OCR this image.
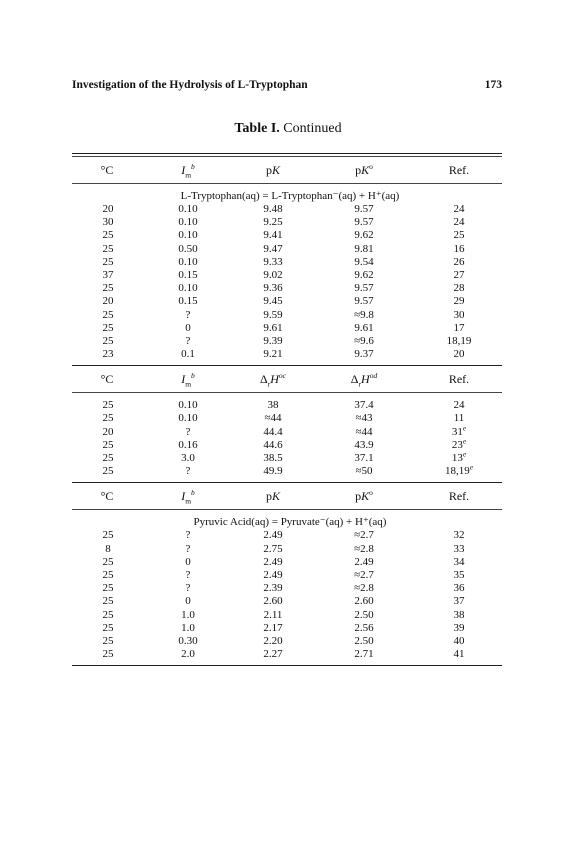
Investigation of the Hydrolysis of L-Tryptophan	173
Table I. Continued
°C	$I_m^b$	pK	$pK^o$	Ref.
L-Tryptophan(aq) = L-Tryptophan⁻(aq) + H⁺(aq)
20	0.10	9.48	9.57	24
30	0.10	9.25	9.57	24
25	0.10	9.41	9.62	25
25	0.50	9.47	9.81	16
25	0.10	9.33	9.54	26
37	0.15	9.02	9.62	27
25	0.10	9.36	9.57	28
20	0.15	9.45	9.57	29
25	?	9.59	≈9.8	30
25	0	9.61	9.61	17
25	?	9.39	≈9.6	18,19
23	0.1	9.21	9.37	20
°C	$I_m^b$	$\Delta_rH^{oc}$	$\Delta_rH^{od}$	Ref.
25	0.10	38	37.4	24
25	0.10	≈44	≈43	11
20	?	44.4	≈44	31e
25	0.16	44.6	43.9	23e
25	3.0	38.5	37.1	13e
25	?	49.9	≈50	18,19e
°C	$I_m^b$	pK	$pK^o$	Ref.
Pyruvic Acid(aq) = Pyruvate⁻(aq) + H⁺(aq)
25	?	2.49	≈2.7	32
8	?	2.75	≈2.8	33
25	0	2.49	2.49	34
25	?	2.49	≈2.7	35
25	?	2.39	≈2.8	36
25	0	2.60	2.60	37
25	1.0	2.11	2.50	38
25	1.0	2.17	2.56	39
25	0.30	2.20	2.50	40
25	2.0	2.27	2.71	41
